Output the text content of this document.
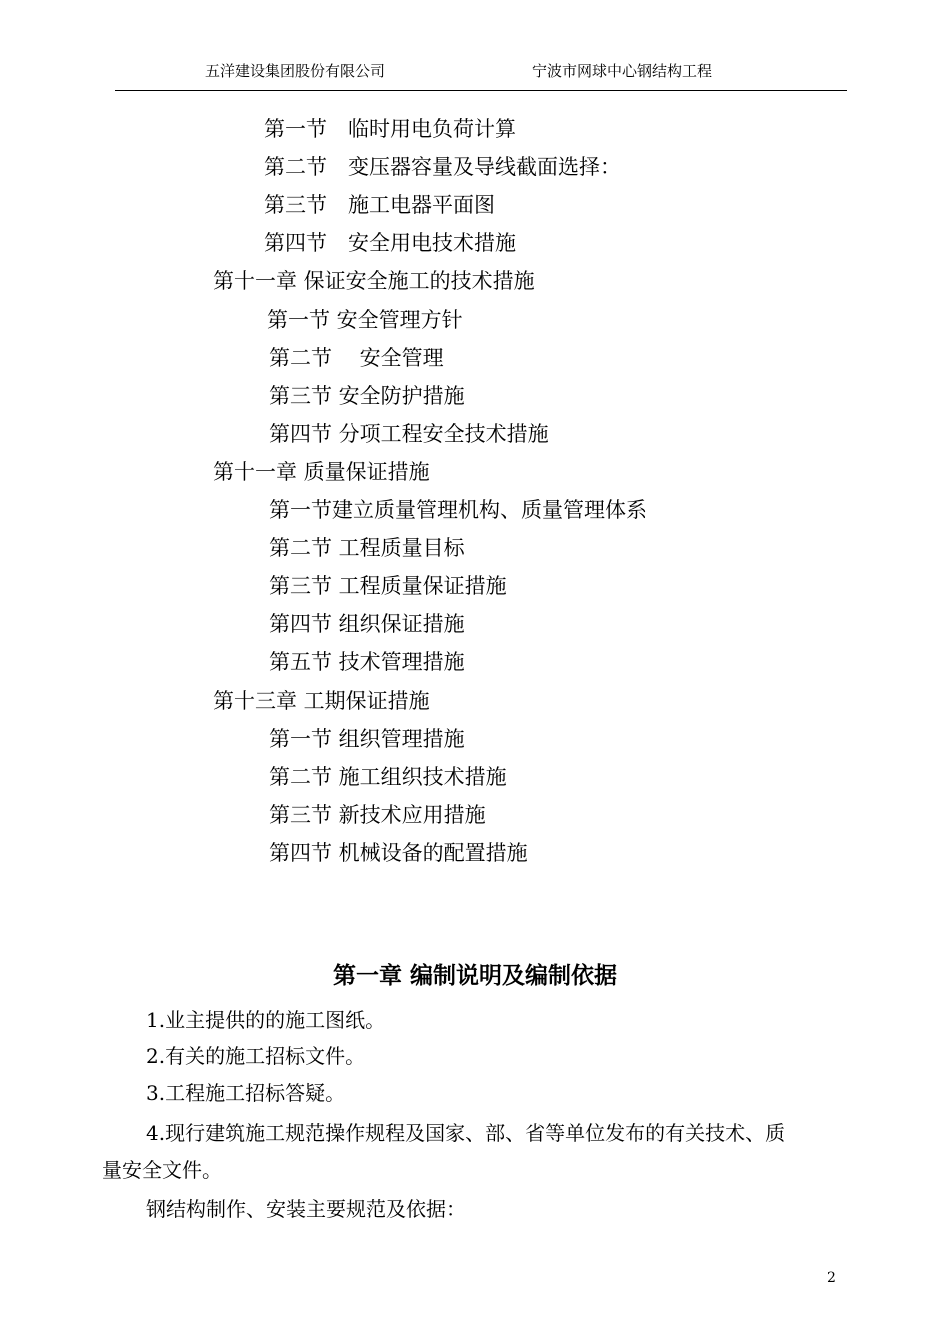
五洋建设集团股份有限公司	宁波市网球中心钢结构工程
第一节　临时用电负荷计算
第二节　变压器容量及导线截面选择：
第三节　施工电器平面图
第四节　安全用电技术措施
第十一章 保证安全施工的技术措施
第一节 安全管理方针
第二节　 安全管理
第三节 安全防护措施
第四节 分项工程安全技术措施
第十一章 质量保证措施
第一节建立质量管理机构、质量管理体系
第二节 工程质量目标
第三节 工程质量保证措施
第四节 组织保证措施
第五节 技术管理措施
第十三章 工期保证措施
第一节 组织管理措施
第二节 施工组织技术措施
第三节 新技术应用措施
第四节 机械设备的配置措施
第一章 编制说明及编制依据
1.业主提供的的施工图纸。
2.有关的施工招标文件。
3.工程施工招标答疑。
4.现行建筑施工规范操作规程及国家、部、省等单位发布的有关技术、质
量安全文件。
钢结构制作、安装主要规范及依据：
2
